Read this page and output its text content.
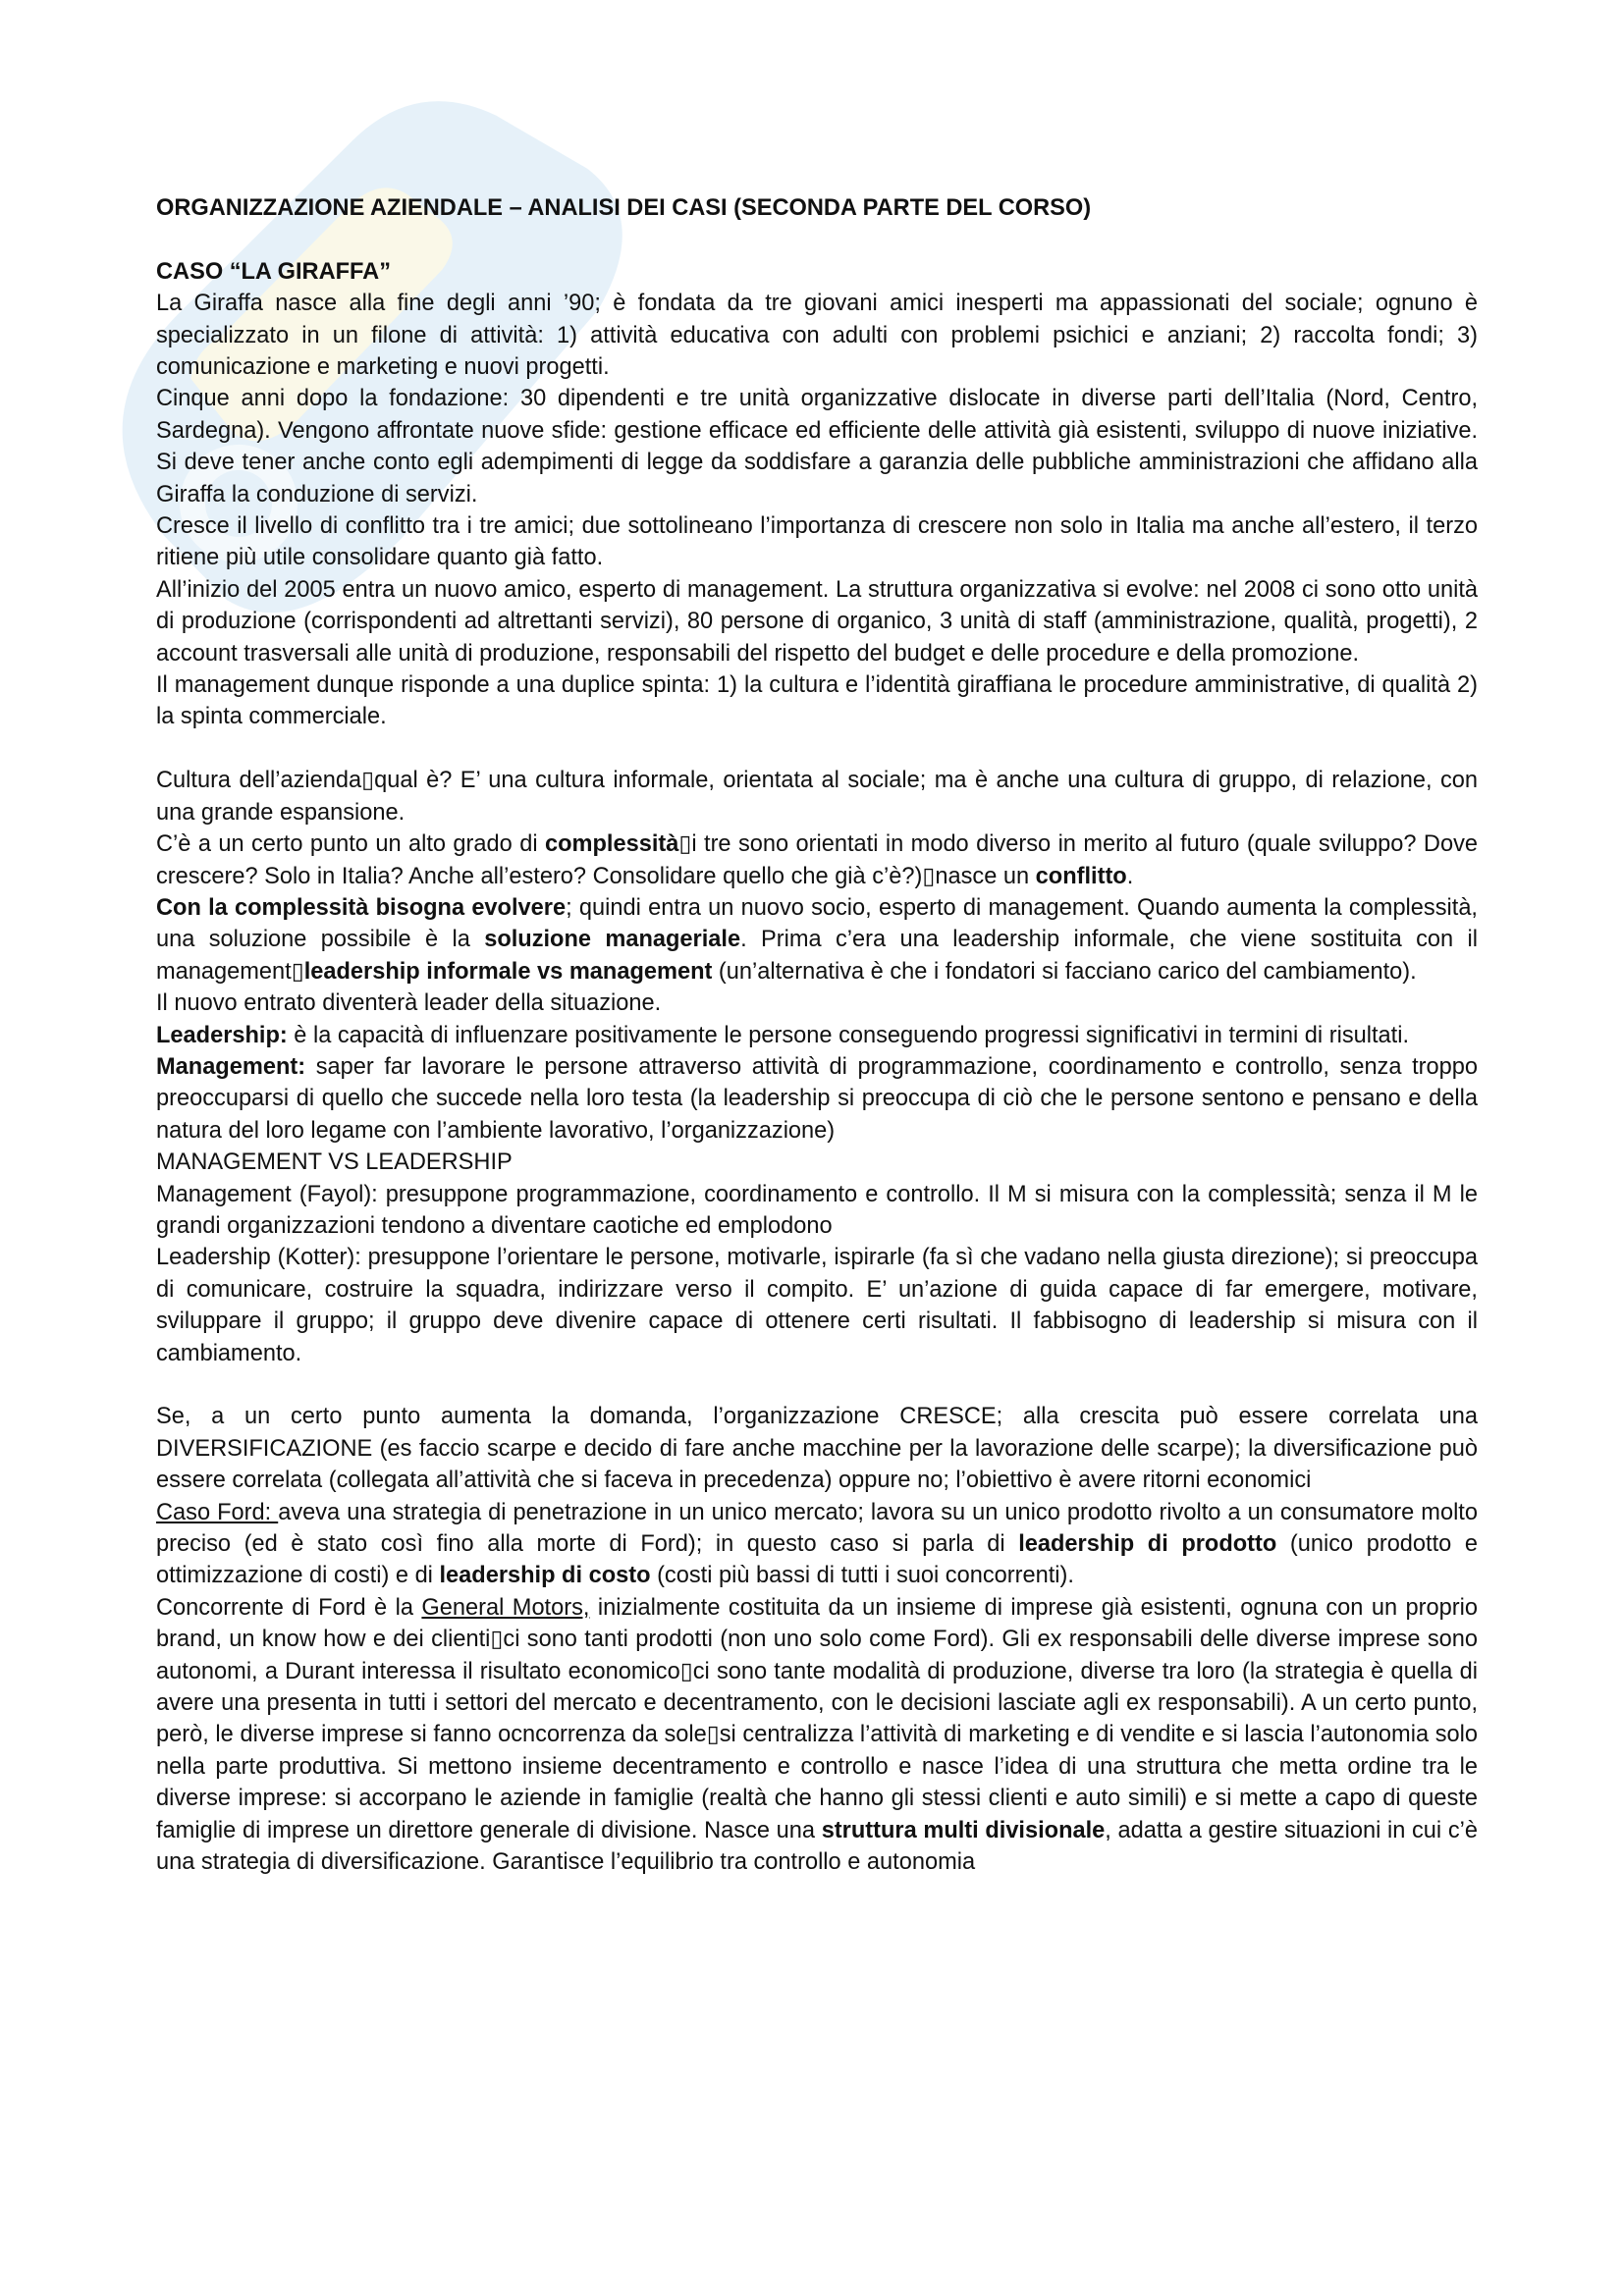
ORGANIZZAZIONE AZIENDALE – ANALISI DEI CASI (SECONDA PARTE DEL CORSO)
CASO “LA GIRAFFA”

La Giraffa nasce alla fine degli anni ’90; è fondata da tre giovani amici inesperti ma appassionati del sociale; ognuno è specializzato in un filone di attività: 1) attività educativa con adulti con problemi psichici e anziani; 2) raccolta fondi; 3) comunicazione e marketing e nuovi progetti.

Cinque anni dopo la fondazione: 30 dipendenti e tre unità organizzative dislocate in diverse parti dell’Italia (Nord, Centro, Sardegna). Vengono affrontate nuove sfide: gestione efficace ed efficiente delle attività già esistenti, sviluppo di nuove iniziative. Si deve tener anche conto egli adempimenti di legge da soddisfare a garanzia delle pubbliche amministrazioni che affidano alla Giraffa la conduzione di servizi.

Cresce il livello di conflitto tra i tre amici; due sottolineano l’importanza di crescere non solo in Italia ma anche all’estero, il terzo ritiene più utile consolidare quanto già fatto.

All’inizio del 2005 entra un nuovo amico, esperto di management. La struttura organizzativa si evolve: nel 2008 ci sono otto unità di produzione (corrispondenti ad altrettanti servizi), 80 persone di organico, 3 unità di staff (amministrazione, qualità, progetti), 2 account trasversali alle unità di produzione, responsabili del rispetto del budget e delle procedure e della promozione.

Il management dunque risponde a una duplice spinta: 1) la cultura e l’identità giraffiana le procedure amministrative, di qualità 2) la spinta commerciale.

Cultura dell’azienda▯qual è? E’ una cultura informale, orientata al sociale; ma è anche una cultura di gruppo, di relazione, con una grande espansione.

C’è a un certo punto un alto grado di complessità▯i tre sono orientati in modo diverso in merito al futuro (quale sviluppo? Dove crescere? Solo in Italia? Anche all’estero? Consolidare quello che già c’è?)▯nasce un conflitto.

Con la complessità bisogna evolvere; quindi entra un nuovo socio, esperto di management. Quando aumenta la complessità, una soluzione possibile è la soluzione manageriale. Prima c’era una leadership informale, che viene sostituita con il management▯leadership informale vs management (un’alternativa è che i fondatori si facciano carico del cambiamento).

Il nuovo entrato diventerà leader della situazione.

Leadership: è la capacità di influenzare positivamente le persone conseguendo progressi significativi in termini di risultati.

Management: saper far lavorare le persone attraverso attività di programmazione, coordinamento e controllo, senza troppo preoccuparsi di quello che succede nella loro testa (la leadership si preoccupa di ciò che le persone sentono e pensano e della natura del loro legame con l’ambiente lavorativo, l’organizzazione)

MANAGEMENT VS LEADERSHIP

Management (Fayol): presuppone programmazione, coordinamento e controllo. Il M si misura con la complessità; senza il M le grandi organizzazioni tendono a diventare caotiche ed emplodono

Leadership (Kotter): presuppone l’orientare le persone, motivarle, ispirarle (fa sì che vadano nella giusta direzione); si preoccupa di comunicare, costruire la squadra, indirizzare verso il compito. E’ un’azione di guida capace di far emergere, motivare, sviluppare il gruppo; il gruppo deve divenire capace di ottenere certi risultati. Il fabbisogno di leadership si misura con il cambiamento.

Se, a un certo punto aumenta la domanda, l’organizzazione CRESCE; alla crescita può essere correlata una DIVERSIFICAZIONE (es faccio scarpe e decido di fare anche macchine per la lavorazione delle scarpe); la diversificazione può essere correlata (collegata all’attività che si faceva in precedenza) oppure no; l’obiettivo è avere ritorni economici

Caso Ford: aveva una strategia di penetrazione in un unico mercato; lavora su un unico prodotto rivolto a un consumatore molto preciso (ed è stato così fino alla morte di Ford); in questo caso si parla di leadership di prodotto (unico prodotto e ottimizzazione di costi) e di leadership di costo (costi più bassi di tutti i suoi concorrenti).

Concorrente di Ford è la General Motors, inizialmente costituita da un insieme di imprese già esistenti, ognuna con un proprio brand, un know how e dei clienti▯ci sono tanti prodotti (non uno solo come Ford). Gli ex responsabili delle diverse imprese sono autonomi, a Durant interessa il risultato economico▯ci sono tante modalità di produzione, diverse tra loro (la strategia è quella di avere una presenta in tutti i settori del mercato e decentramento, con le decisioni lasciate agli ex responsabili). A un certo punto, però, le diverse imprese si fanno ocncorrenza da sole▯si centralizza l’attività di marketing e di vendite e si lascia l’autonomia solo nella parte produttiva. Si mettono insieme decentramento e controllo e nasce l’idea di una struttura che metta ordine tra le diverse imprese: si accorpano le aziende in famiglie (realtà che hanno gli stessi clienti e auto simili) e si mette a capo di queste famiglie di imprese un direttore generale di divisione. Nasce una struttura multi divisionale, adatta a gestire situazioni in cui c’è una strategia di diversificazione. Garantisce l’equilibrio tra controllo e autonomia
